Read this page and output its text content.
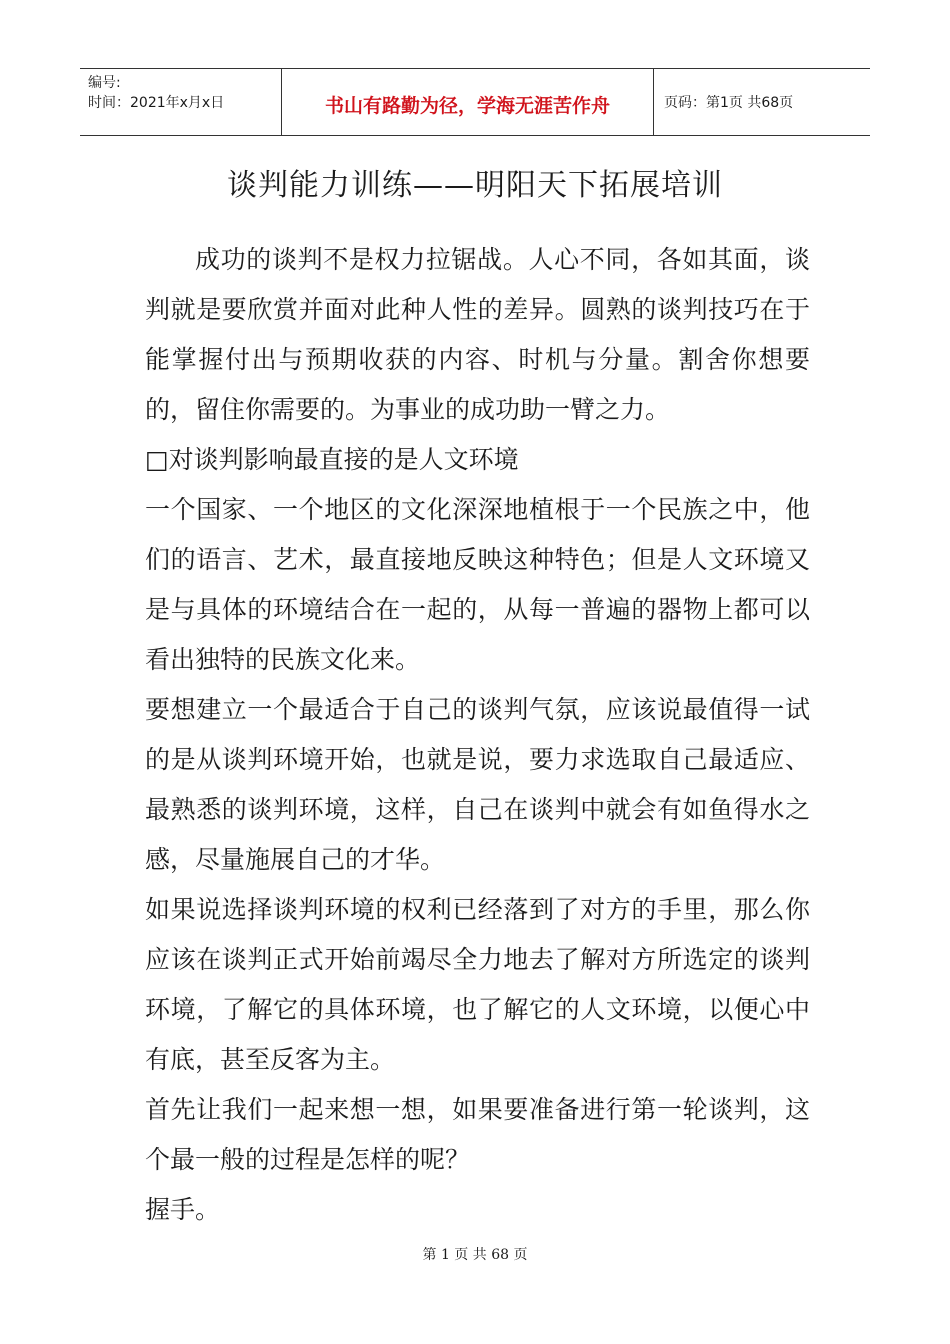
编号:
时间：2021年x月x日	书山有路勤为径，学海无涯苦作舟	页码：第1页 共68页
谈判能力训练——明阳天下拓展培训

成功的谈判不是权力拉锯战。人心不同，各如其面，谈判就是要欣赏并面对此种人性的差异。圆熟的谈判技巧在于能掌握付出与预期收获的内容、时机与分量。割舍你想要的，留住你需要的。为事业的成功助一臂之力。

□对谈判影响最直接的是人文环境

一个国家、一个地区的文化深深地植根于一个民族之中，他们的语言、艺术，最直接地反映这种特色；但是人文环境又是与具体的环境结合在一起的，从每一普遍的器物上都可以看出独特的民族文化来。

要想建立一个最适合于自己的谈判气氛，应该说最值得一试的是从谈判环境开始，也就是说，要力求选取自己最适应、最熟悉的谈判环境，这样，自己在谈判中就会有如鱼得水之感，尽量施展自己的才华。

如果说选择谈判环境的权利已经落到了对方的手里，那么你应该在谈判正式开始前竭尽全力地去了解对方所选定的谈判环境，了解它的具体环境，也了解它的人文环境，以便心中有底，甚至反客为主。

首先让我们一起来想一想，如果要准备进行第一轮谈判，这个最一般的过程是怎样的呢？

握手。

第 1 页 共 68 页
